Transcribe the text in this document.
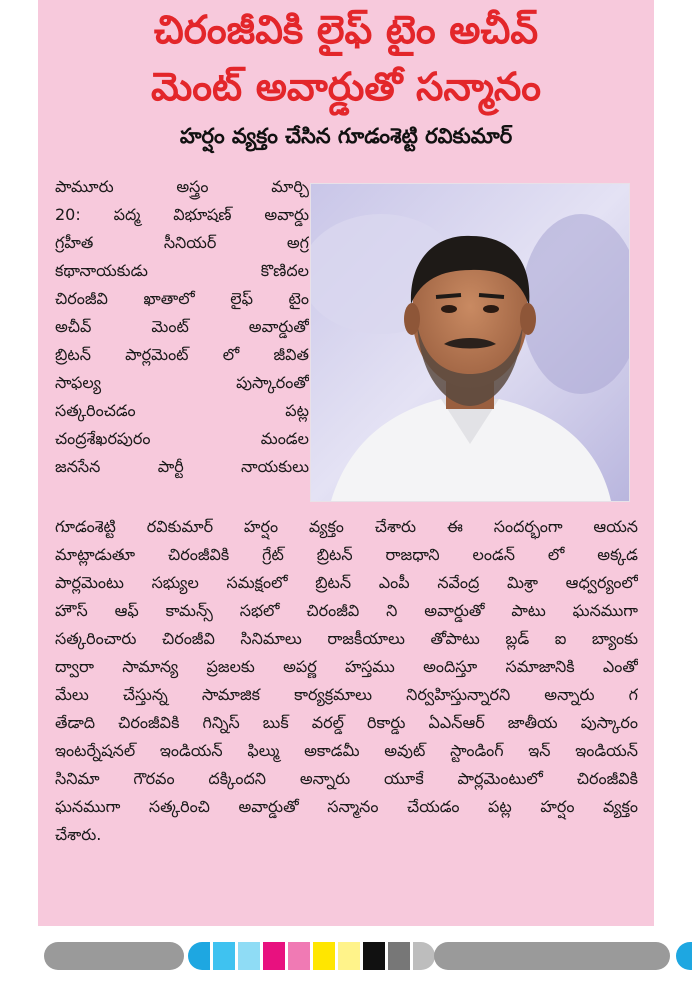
చిరంజీవికి లైఫ్ టైం అచీవ్
మెంట్ అవార్డుతో సన్మానం
హర్షం వ్యక్తం చేసిన గూడంశెట్టి రవికుమార్
పామూరు అస్త్రం మార్చి
20: పద్మ విభూషణ్ అవార్డు
గ్రహీత సీనియర్ అగ్ర
కథానాయకుడు కొణిదల
చిరంజీవి ఖాతాలో లైఫ్ టైం
అచీవ్ మెంట్ అవార్డుతో
బ్రిటన్ పార్లమెంట్ లో జీవిత
సాఫల్య పుస్కారంతో
సత్కరించడం పట్ల
చంద్రశేఖరపురం మండల
జనసేన పార్టీ నాయకులు
గూడంశెట్టి రవికుమార్ హర్షం వ్యక్తం చేశారు ఈ సందర్భంగా ఆయన
మాట్లాడుతూ చిరంజీవికి గ్రేట్ బ్రిటన్ రాజధాని లండన్ లో అక్కడ
పార్లమెంటు సభ్యుల సమక్షంలో బ్రిటన్ ఎంపీ నవేంద్ర మిశ్రా ఆధ్వర్యంలో
హౌస్ ఆఫ్ కామన్స్ సభలో చిరంజీవి ని అవార్డుతో పాటు ఘనముగా
సత్కరించారు చిరంజీవి సినిమాలు రాజకీయాలు తోపాటు బ్లడ్ ఐ బ్యాంకు
ద్వారా సామాన్య ప్రజలకు అపర్ణ హస్తము అందిస్తూ సమాజానికి ఎంతో
మేలు చేస్తున్న సామాజిక కార్యక్రమాలు నిర్వహిస్తున్నారని అన్నారు గ
తేడాది చిరంజీవికి గిన్నిస్ బుక్ వరల్డ్ రికార్డు ఏఎన్ఆర్ జాతీయ పుస్కారం
ఇంటర్నేషనల్ ఇండియన్ ఫిల్ము అకాడమీ అవుట్ స్టాండింగ్ ఇన్ ఇండియన్
సినిమా గౌరవం దక్కిందని అన్నారు యూకే పార్లమెంటులో చిరంజీవికి
ఘనముగా సత్కరించి అవార్డుతో సన్మానం చేయడం పట్ల హర్షం వ్యక్తం
చేశారు.
